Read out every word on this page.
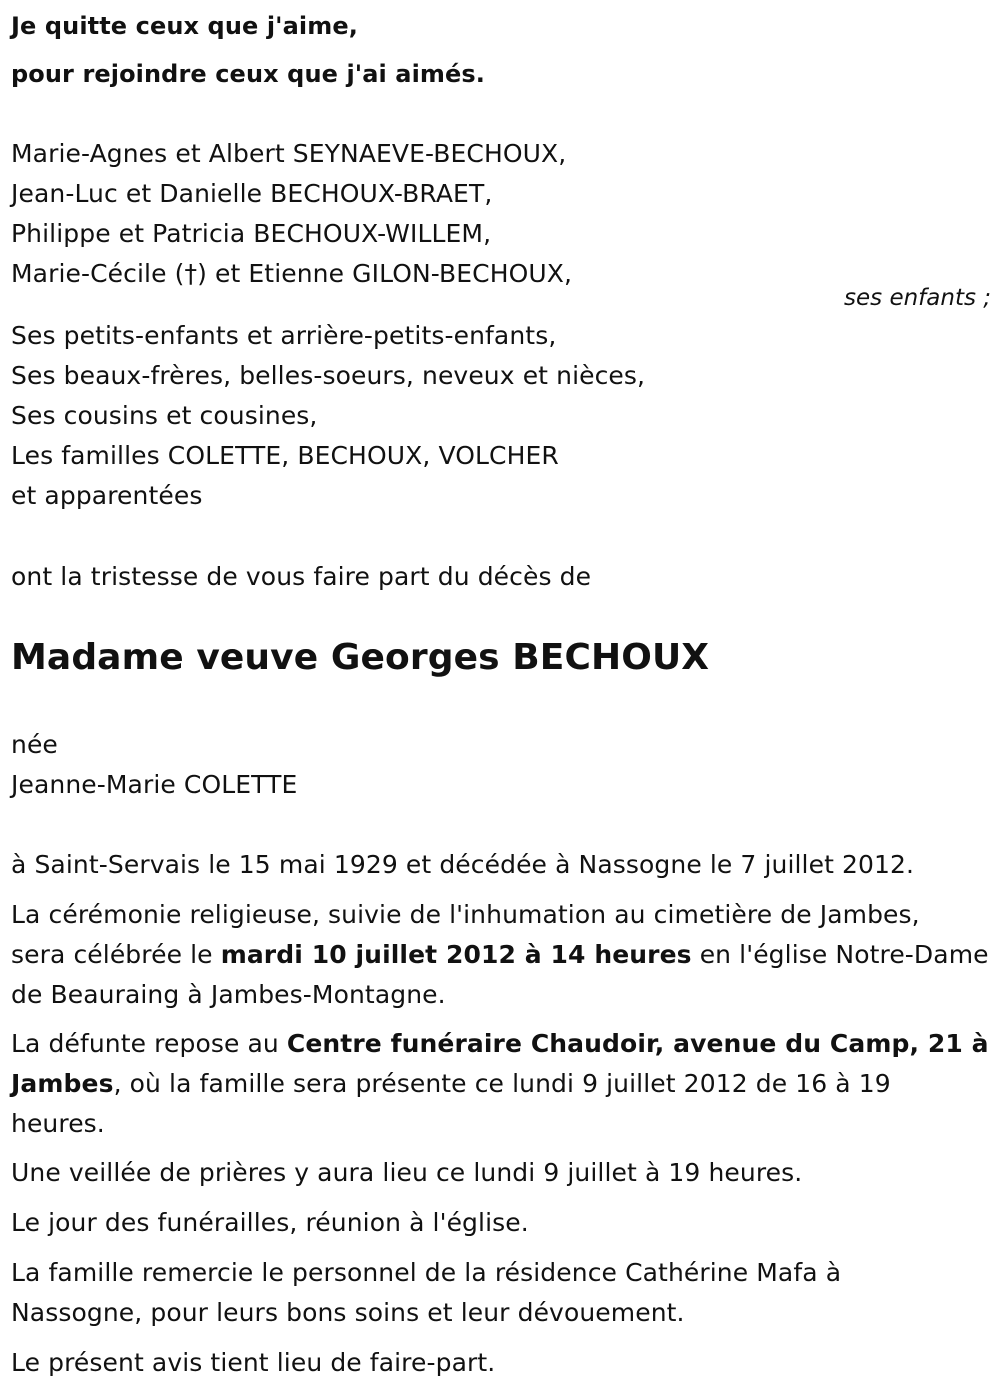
Je quitte ceux que j'aime,
pour rejoindre ceux que j'ai aimés.
Marie-Agnes et Albert SEYNAEVE-BECHOUX,
Jean-Luc et Danielle BECHOUX-BRAET,
Philippe et Patricia BECHOUX-WILLEM,
Marie-Cécile (†) et Etienne GILON-BECHOUX,
ses enfants ;
Ses petits-enfants et arrière-petits-enfants,
Ses beaux-frères, belles-soeurs, neveux et nièces,
Ses cousins et cousines,
Les familles COLETTE, BECHOUX, VOLCHER
et apparentées
ont la tristesse de vous faire part du décès de
Madame veuve Georges BECHOUX
née
Jeanne-Marie COLETTE
à Saint-Servais le 15 mai 1929 et décédée à Nassogne le 7 juillet 2012.
La cérémonie religieuse, suivie de l'inhumation au cimetière de Jambes,
sera célébrée le mardi 10 juillet 2012 à 14 heures en l'église Notre-Dame
de Beauraing à Jambes-Montagne.
La défunte repose au Centre funéraire Chaudoir, avenue du Camp, 21 à
Jambes, où la famille sera présente ce lundi 9 juillet 2012 de 16 à 19
heures.
Une veillée de prières y aura lieu ce lundi 9 juillet à 19 heures.
Le jour des funérailles, réunion à l'église.
La famille remercie le personnel de la résidence Cathérine Mafa à
Nassogne, pour leurs bons soins et leur dévouement.
Le présent avis tient lieu de faire-part.
